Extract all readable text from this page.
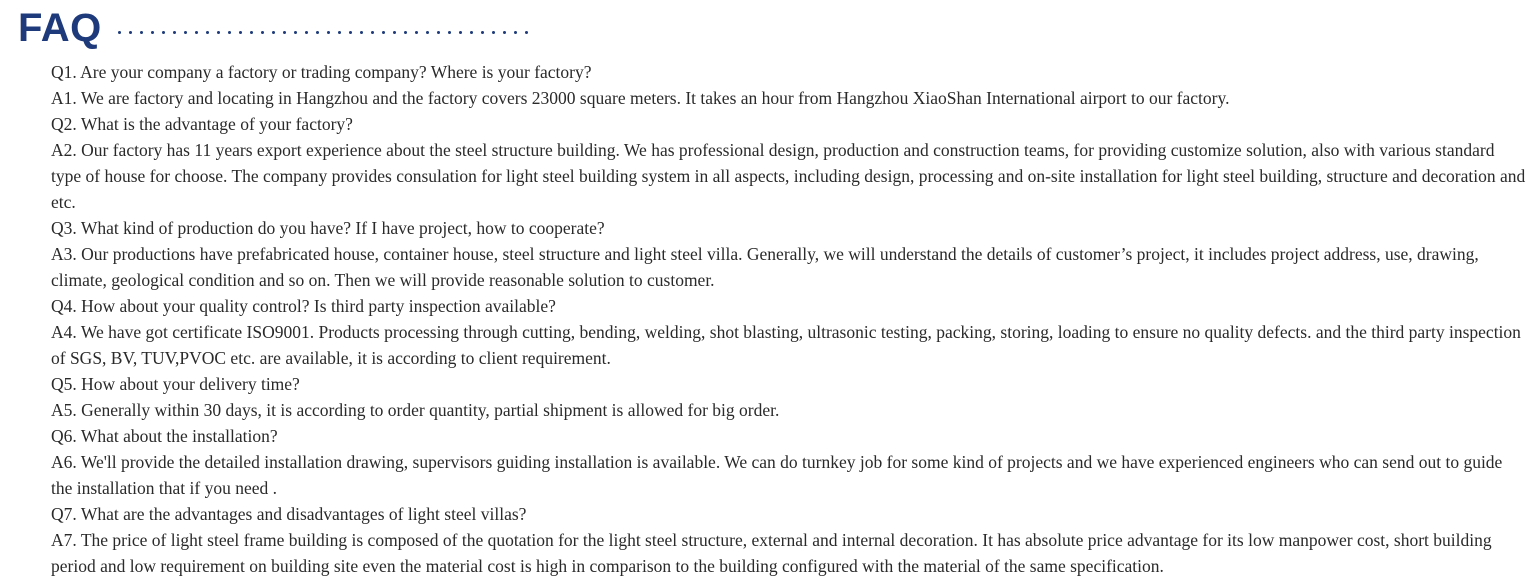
FAQ

Q1. Are your company a factory or trading company? Where is your factory?

A1. We are factory and locating in Hangzhou and the factory covers 23000 square meters. It takes an hour from Hangzhou XiaoShan International airport to our factory.

Q2. What is the advantage of your factory?

A2. Our factory has 11 years export experience about the steel structure building. We has professional design, production and construction teams, for providing customize solution, also with various standard type of house for choose. The company provides consulation for light steel building system in all aspects, including design, processing and on-site installation for light steel building, structure and decoration and etc.

Q3. What kind of production do you have? If I have project, how to cooperate?

A3. Our productions have prefabricated house, container house, steel structure and light steel villa. Generally, we will understand the details of customer’s project, it includes project address, use, drawing, climate, geological condition and so on. Then we will provide reasonable solution to customer.

Q4. How about your quality control? Is third party inspection available?

A4. We have got certificate ISO9001. Products processing through cutting, bending, welding, shot blasting, ultrasonic testing, packing, storing, loading to ensure no quality defects. and the third party inspection of SGS, BV, TUV,PVOC etc. are available, it is according to client requirement.

Q5. How about your delivery time?

A5. Generally within 30 days, it is according to order quantity, partial shipment is allowed for big order.

Q6. What about the installation?

A6. We'll provide the detailed installation drawing, supervisors guiding installation is available. We can do turnkey job for some kind of projects and we have experienced engineers who can send out to guide the installation that if you need .

Q7. What are the advantages and disadvantages of light steel villas?

A7. The price of light steel frame building is composed of the quotation for the light steel structure, external and internal decoration. It has absolute price advantage for its low manpower cost, short building period and low requirement on building site even the material cost is high in comparison to the building configured with the material of the same specification.
